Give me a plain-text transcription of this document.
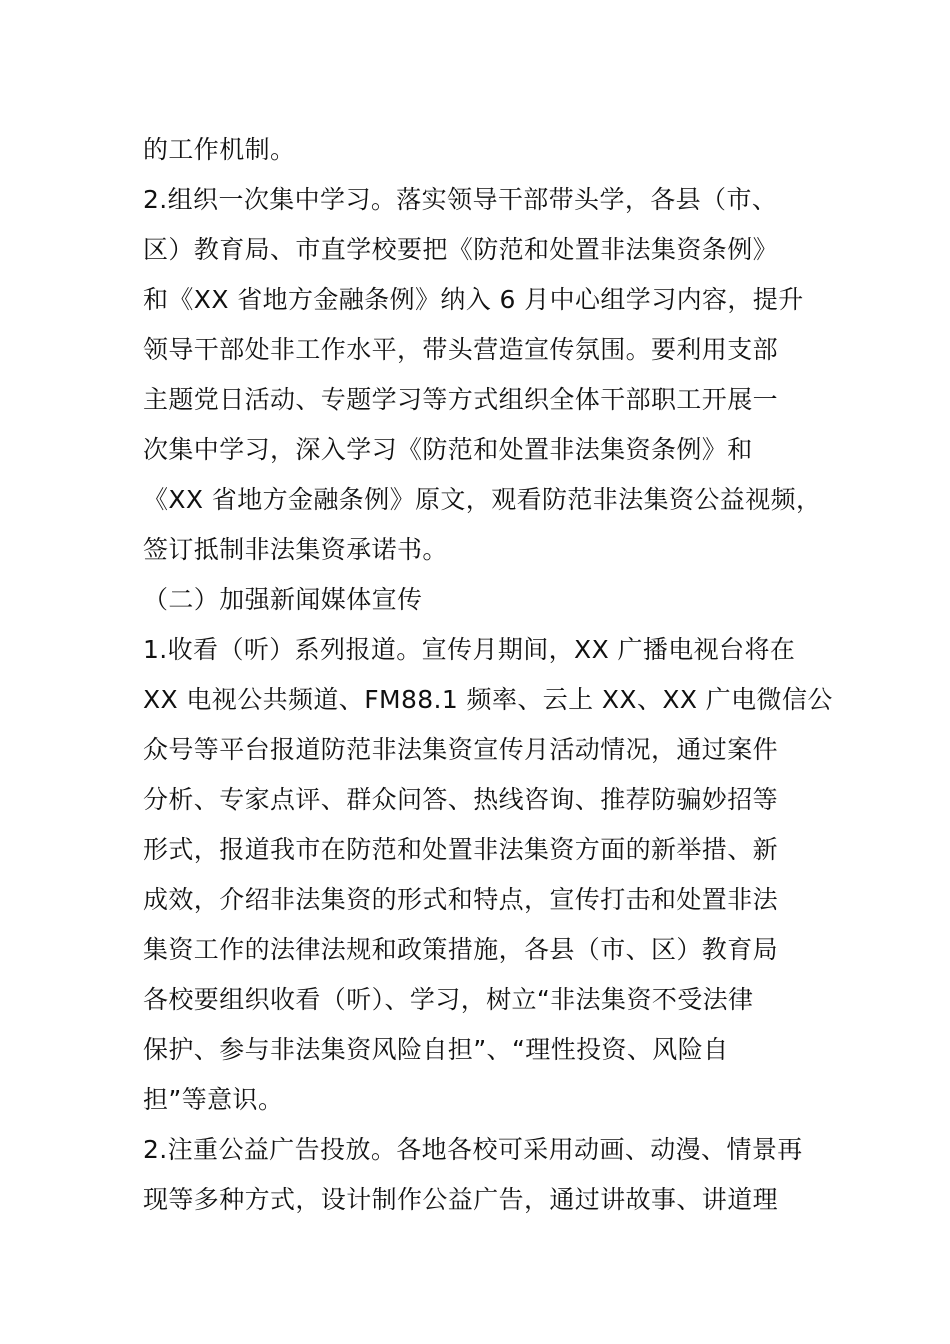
的工作机制。
2.组织一次集中学习。落实领导干部带头学，各县（市、
区）教育局、市直学校要把《防范和处置非法集资条例》
和《XX 省地方金融条例》纳入 6 月中心组学习内容，提升
领导干部处非工作水平，带头营造宣传氛围。要利用支部
主题党日活动、专题学习等方式组织全体干部职工开展一
次集中学习，深入学习《防范和处置非法集资条例》和
《XX 省地方金融条例》原文，观看防范非法集资公益视频，
签订抵制非法集资承诺书。
（二）加强新闻媒体宣传
1.收看（听）系列报道。宣传月期间，XX 广播电视台将在
XX 电视公共频道、FM88.1 频率、云上 XX、XX 广电微信公
众号等平台报道防范非法集资宣传月活动情况，通过案件
分析、专家点评、群众问答、热线咨询、推荐防骗妙招等
形式，报道我市在防范和处置非法集资方面的新举措、新
成效，介绍非法集资的形式和特点，宣传打击和处置非法
集资工作的法律法规和政策措施，各县（市、区）教育局
各校要组织收看（听）、学习，树立“非法集资不受法律
保护、参与非法集资风险自担”、“理性投资、风险自
担”等意识。
2.注重公益广告投放。各地各校可采用动画、动漫、情景再
现等多种方式，设计制作公益广告，通过讲故事、讲道理
